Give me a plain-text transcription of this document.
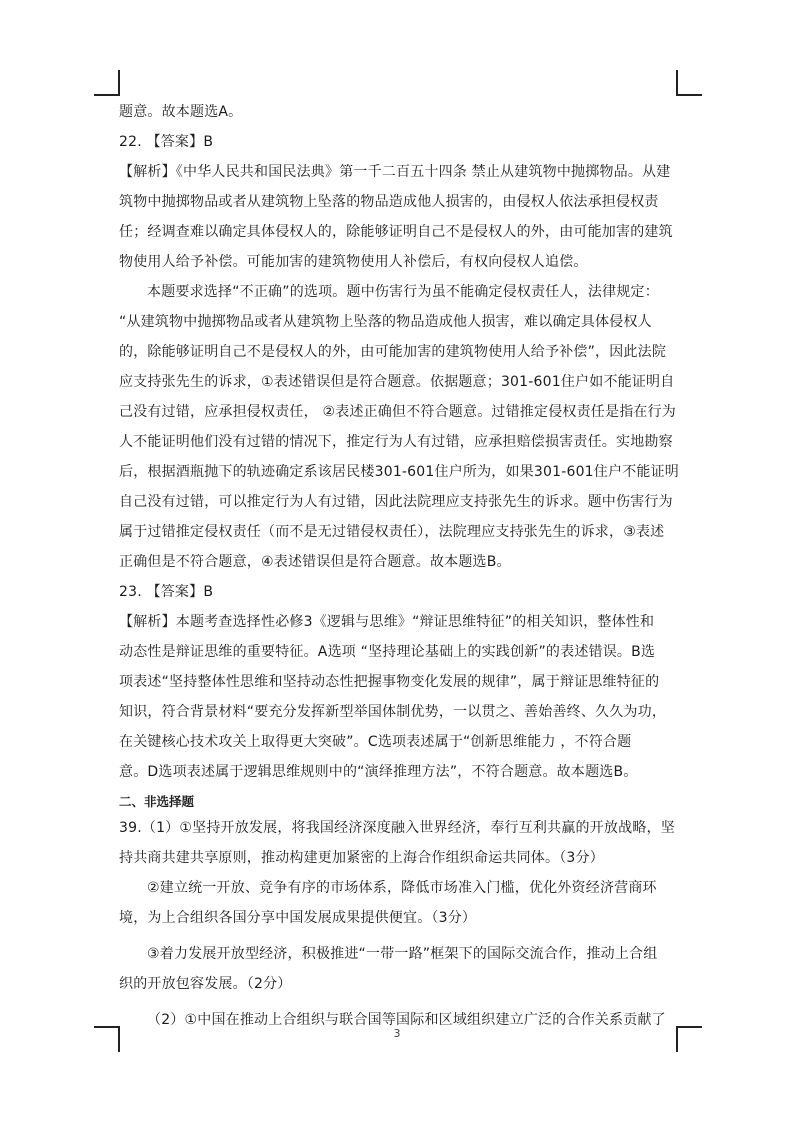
题意。故本题选A。

22. 【答案】B

【解析】《中华人民共和国民法典》第一千二百五十四条 禁止从建筑物中抛掷物品。从建

筑物中抛掷物品或者从建筑物上坠落的物品造成他人损害的，由侵权人依法承担侵权责

任；经调查难以确定具体侵权人的，除能够证明自己不是侵权人的外，由可能加害的建筑

物使用人给予补偿。可能加害的建筑物使用人补偿后，有权向侵权人追偿。

本题要求选择“不正确”的选项。题中伤害行为虽不能确定侵权责任人，法律规定：

“从建筑物中抛掷物品或者从建筑物上坠落的物品造成他人损害，难以确定具体侵权人

的，除能够证明自己不是侵权人的外，由可能加害的建筑物使用人给予补偿”，因此法院

应支持张先生的诉求，①表述错误但是符合题意。依据题意；301-601住户如不能证明自

己没有过错，应承担侵权责任， ②表述正确但不符合题意。过错推定侵权责任是指在行为

人不能证明他们没有过错的情况下，推定行为人有过错，应承担赔偿损害责任。实地勘察

后，根据酒瓶抛下的轨迹确定系该居民楼301-601住户所为，如果301-601住户不能证明

自己没有过错，可以推定行为人有过错，因此法院理应支持张先生的诉求。题中伤害行为

属于过错推定侵权责任（而不是无过错侵权责任），法院理应支持张先生的诉求，③表述

正确但是不符合题意，④表述错误但是符合题意。故本题选B。

23. 【答案】B

【解析】本题考查选择性必修3《逻辑与思维》“辩证思维特征”的相关知识，整体性和

动态性是辩证思维的重要特征。A选项 “坚持理论基础上的实践创新”的表述错误。B选

项表述“坚持整体性思维和坚持动态性把握事物变化发展的规律”，属于辩证思维特征的

知识，符合背景材料“要充分发挥新型举国体制优势，一以贯之、善始善终、久久为功，

在关键核心技术攻关上取得更大突破”。C选项表述属于“创新思维能力 ，不符合题

意。D选项表述属于逻辑思维规则中的“演绎推理方法”，不符合题意。故本题选B。

二、非选择题

39.（1）①坚持开放发展，将我国经济深度融入世界经济，奉行互利共赢的开放战略，坚

持共商共建共享原则，推动构建更加紧密的上海合作组织命运共同体。（3分）

②建立统一开放、竞争有序的市场体系，降低市场准入门槛，优化外资经济营商环

境，为上合组织各国分享中国发展成果提供便宜。（3分）

③着力发展开放型经济，积极推进“一带一路”框架下的国际交流合作，推动上合组

织的开放包容发展。（2分）

（2）①中国在推动上合组织与联合国等国际和区域组织建立广泛的合作关系贡献了

3
